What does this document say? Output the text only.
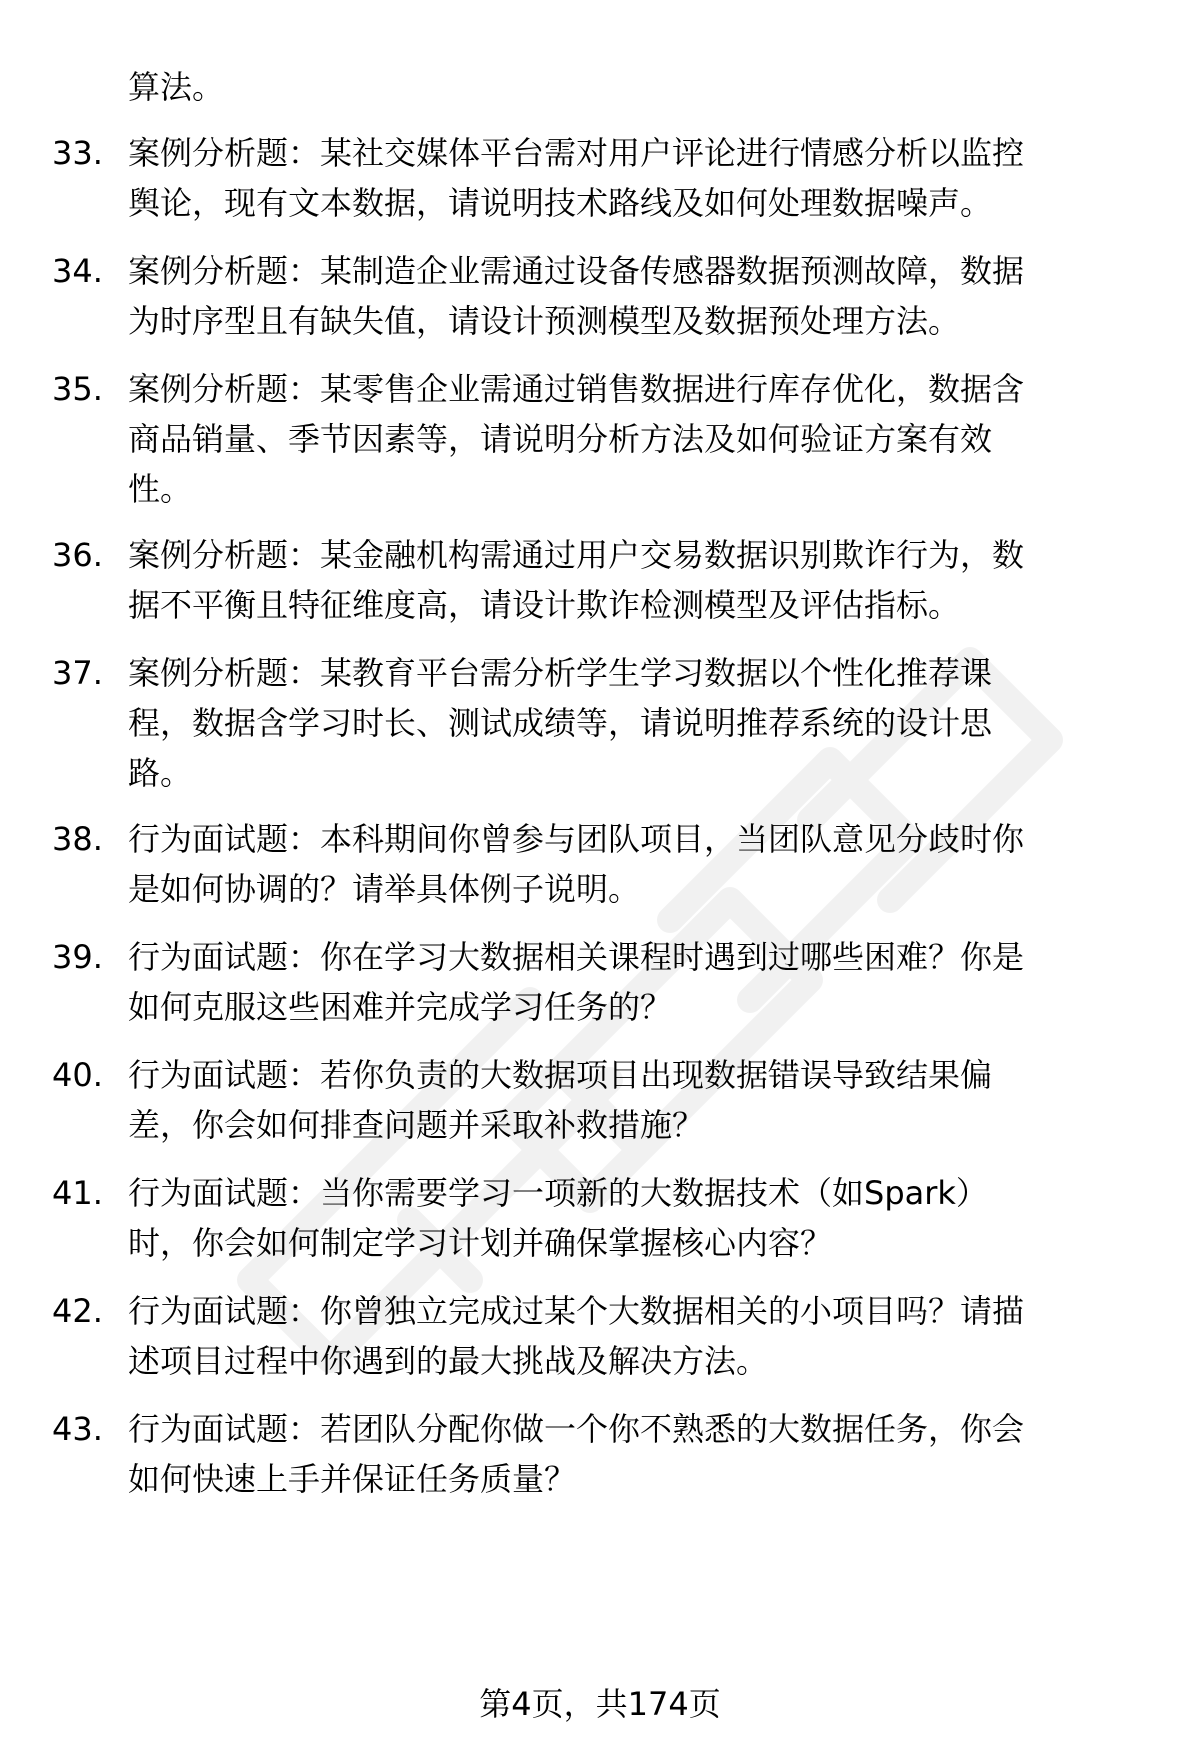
算法。
33. 案例分析题：某社交媒体平台需对用户评论进行情感分析以监控
舆论，现有文本数据，请说明技术路线及如何处理数据噪声。
34. 案例分析题：某制造企业需通过设备传感器数据预测故障，数据
为时序型且有缺失值，请设计预测模型及数据预处理方法。
35. 案例分析题：某零售企业需通过销售数据进行库存优化，数据含
商品销量、季节因素等，请说明分析方法及如何验证方案有效
性。
36. 案例分析题：某金融机构需通过用户交易数据识别欺诈行为，数
据不平衡且特征维度高，请设计欺诈检测模型及评估指标。
37. 案例分析题：某教育平台需分析学生学习数据以个性化推荐课
程，数据含学习时长、测试成绩等，请说明推荐系统的设计思
路。
38. 行为面试题：本科期间你曾参与团队项目，当团队意见分歧时你
是如何协调的？请举具体例子说明。
39. 行为面试题：你在学习大数据相关课程时遇到过哪些困难？你是
如何克服这些困难并完成学习任务的？
40. 行为面试题：若你负责的大数据项目出现数据错误导致结果偏
差，你会如何排查问题并采取补救措施？
41. 行为面试题：当你需要学习一项新的大数据技术（如Spark）
时，你会如何制定学习计划并确保掌握核心内容？
42. 行为面试题：你曾独立完成过某个大数据相关的小项目吗？请描
述项目过程中你遇到的最大挑战及解决方法。
43. 行为面试题：若团队分配你做一个你不熟悉的大数据任务，你会
如何快速上手并保证任务质量？
第4页，共174页
